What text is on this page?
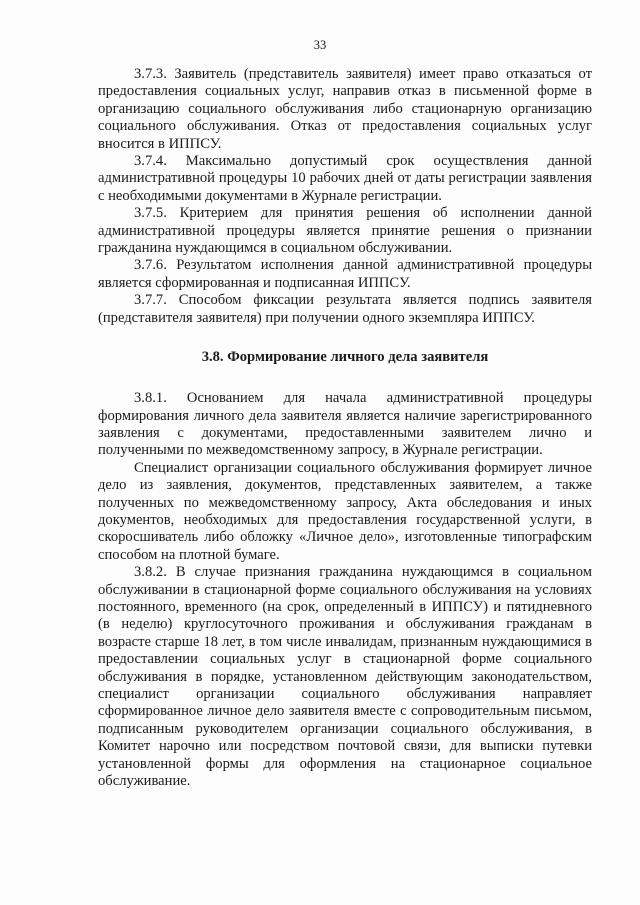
33

3.7.3. Заявитель (представитель заявителя) имеет право отказаться от предоставления социальных услуг, направив отказ в письменной форме в организацию социального обслуживания либо стационарную организацию социального обслуживания. Отказ от предоставления социальных услуг вносится в ИППСУ.

3.7.4. Максимально допустимый срок осуществления данной административной процедуры 10 рабочих дней от даты регистрации заявления с необходимыми документами в Журнале регистрации.

3.7.5. Критерием для принятия решения об исполнении данной административной процедуры является принятие решения о признании гражданина нуждающимся в социальном обслуживании.

3.7.6. Результатом исполнения данной административной процедуры является сформированная и подписанная ИППСУ.

3.7.7. Способом фиксации результата является подпись заявителя (представителя заявителя) при получении одного экземпляра ИППСУ.

3.8. Формирование личного дела заявителя

3.8.1. Основанием для начала административной процедуры формирования личного дела заявителя является наличие зарегистрированного заявления с документами, предоставленными заявителем лично и полученными по межведомственному запросу, в Журнале регистрации.

Специалист организации социального обслуживания формирует личное дело из заявления, документов, представленных заявителем, а также полученных по межведомственному запросу, Акта обследования и иных документов, необходимых для предоставления государственной услуги, в скоросшиватель либо обложку «Личное дело», изготовленные типографским способом на плотной бумаге.

3.8.2. В случае признания гражданина нуждающимся в социальном обслуживании в стационарной форме социального обслуживания на условиях постоянного, временного (на срок, определенный в ИППСУ) и пятидневного (в неделю) круглосуточного проживания и обслуживания гражданам в возрасте старше 18 лет, в том числе инвалидам, признанным нуждающимися в предоставлении социальных услуг в стационарной форме социального обслуживания в порядке, установленном действующим законодательством, специалист организации социального обслуживания направляет сформированное личное дело заявителя вместе с сопроводительным письмом, подписанным руководителем организации социального обслуживания, в Комитет нарочно или посредством почтовой связи, для выписки путевки установленной формы для оформления на стационарное социальное обслуживание.
